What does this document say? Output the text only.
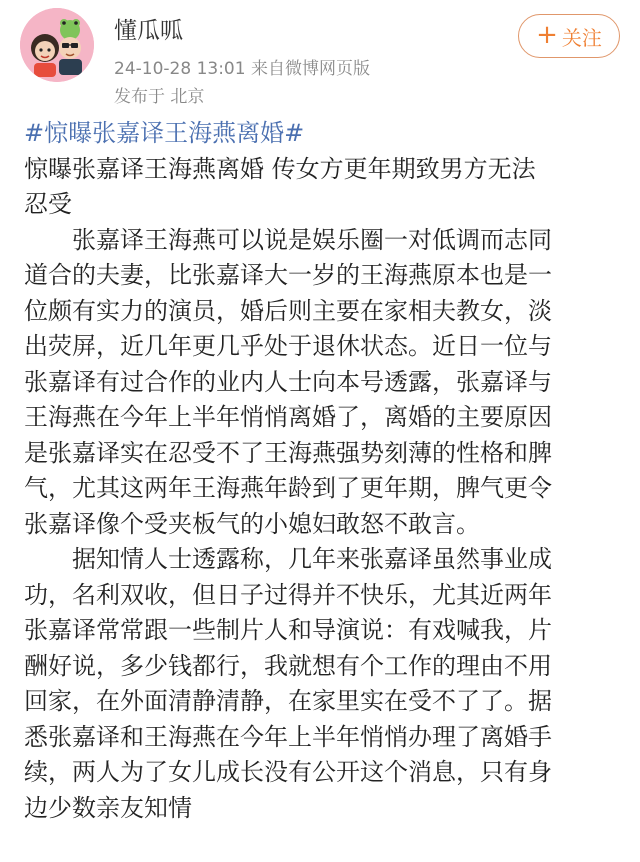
懂瓜呱
24-10-28 13:01 来自微博网页版
发布于 北京
+ 关注
#惊曝张嘉译王海燕离婚#
惊曝张嘉译王海燕离婚 传女方更年期致男方无法
忍受
张嘉译王海燕可以说是娱乐圈一对低调而志同
道合的夫妻，比张嘉译大一岁的王海燕原本也是一
位颇有实力的演员，婚后则主要在家相夫教女，淡
出荧屏，近几年更几乎处于退休状态。近日一位与
张嘉译有过合作的业内人士向本号透露，张嘉译与
王海燕在今年上半年悄悄离婚了，离婚的主要原因
是张嘉译实在忍受不了王海燕强势刻薄的性格和脾
气，尤其这两年王海燕年龄到了更年期，脾气更令
张嘉译像个受夹板气的小媳妇敢怒不敢言。
据知情人士透露称，几年来张嘉译虽然事业成
功，名利双收，但日子过得并不快乐，尤其近两年
张嘉译常常跟一些制片人和导演说：有戏喊我，片
酬好说，多少钱都行，我就想有个工作的理由不用
回家，在外面清静清静，在家里实在受不了了。据
悉张嘉译和王海燕在今年上半年悄悄办理了离婚手
续，两人为了女儿成长没有公开这个消息，只有身
边少数亲友知情
